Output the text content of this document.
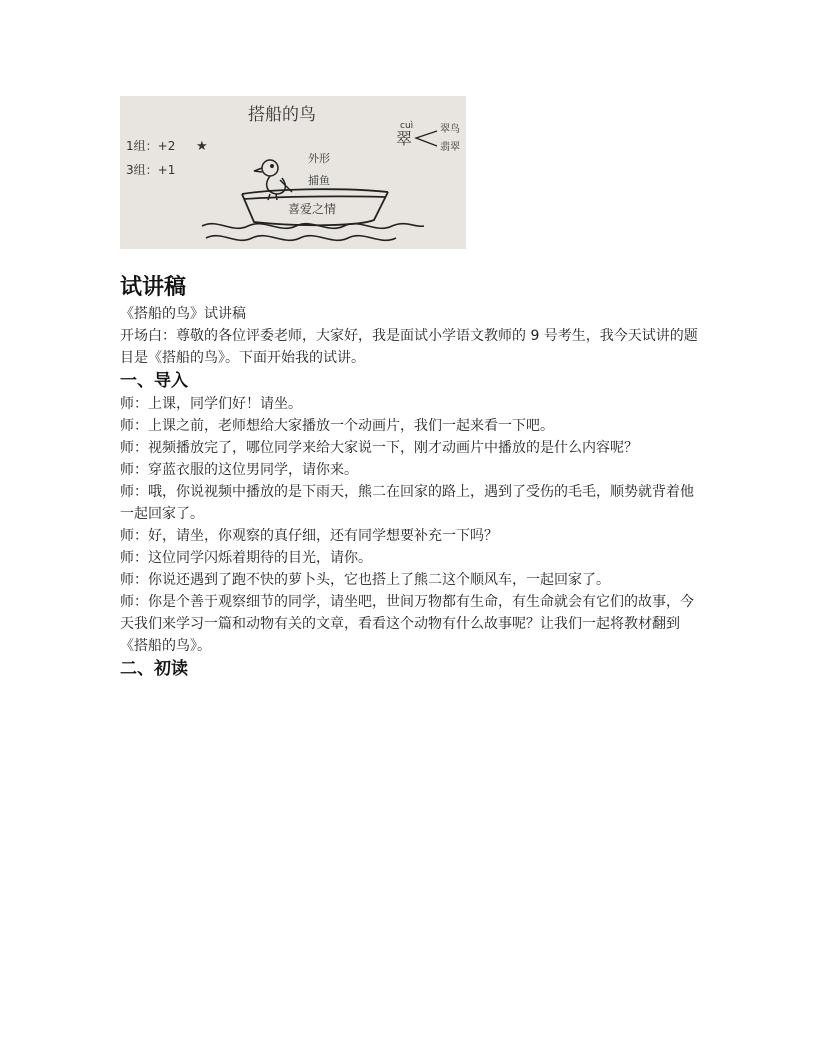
搭船的鸟
1组：+2 ★
3组：+1
外形
捕鱼
喜爱之情
cuì
翠	翠鸟
翡翠
试讲稿

《搭船的鸟》试讲稿

开场白：尊敬的各位评委老师，大家好，我是面试小学语文教师的 9 号考生，我今天试讲的题目是《搭船的鸟》。下面开始我的试讲。

一、导入

师：上课，同学们好！请坐。

师：上课之前，老师想给大家播放一个动画片，我们一起来看一下吧。

师：视频播放完了，哪位同学来给大家说一下，刚才动画片中播放的是什么内容呢？

师：穿蓝衣服的这位男同学，请你来。

师：哦，你说视频中播放的是下雨天，熊二在回家的路上，遇到了受伤的毛毛，顺势就背着他一起回家了。

师：好，请坐，你观察的真仔细，还有同学想要补充一下吗？

师：这位同学闪烁着期待的目光，请你。

师：你说还遇到了跑不快的萝卜头，它也搭上了熊二这个顺风车，一起回家了。

师：你是个善于观察细节的同学，请坐吧，世间万物都有生命，有生命就会有它们的故事，今天我们来学习一篇和动物有关的文章，看看这个动物有什么故事呢？让我们一起将教材翻到《搭船的鸟》。

二、初读
